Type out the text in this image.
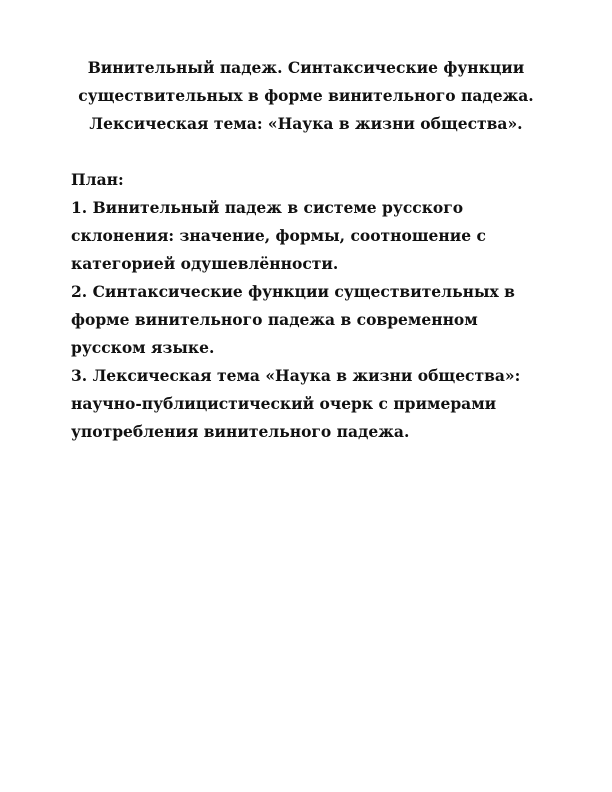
Винительный падеж. Синтаксические функции
существительных в форме винительного падежа.
Лексическая тема: «Наука в жизни общества».
План:
1. Винительный падеж в системе русского
склонения: значение, формы, соотношение с
категорией одушевлённости.
2. Синтаксические функции существительных в
форме винительного падежа в современном
русском языке.
3. Лексическая тема «Наука в жизни общества»:
научно-публицистический очерк с примерами
употребления винительного падежа.
